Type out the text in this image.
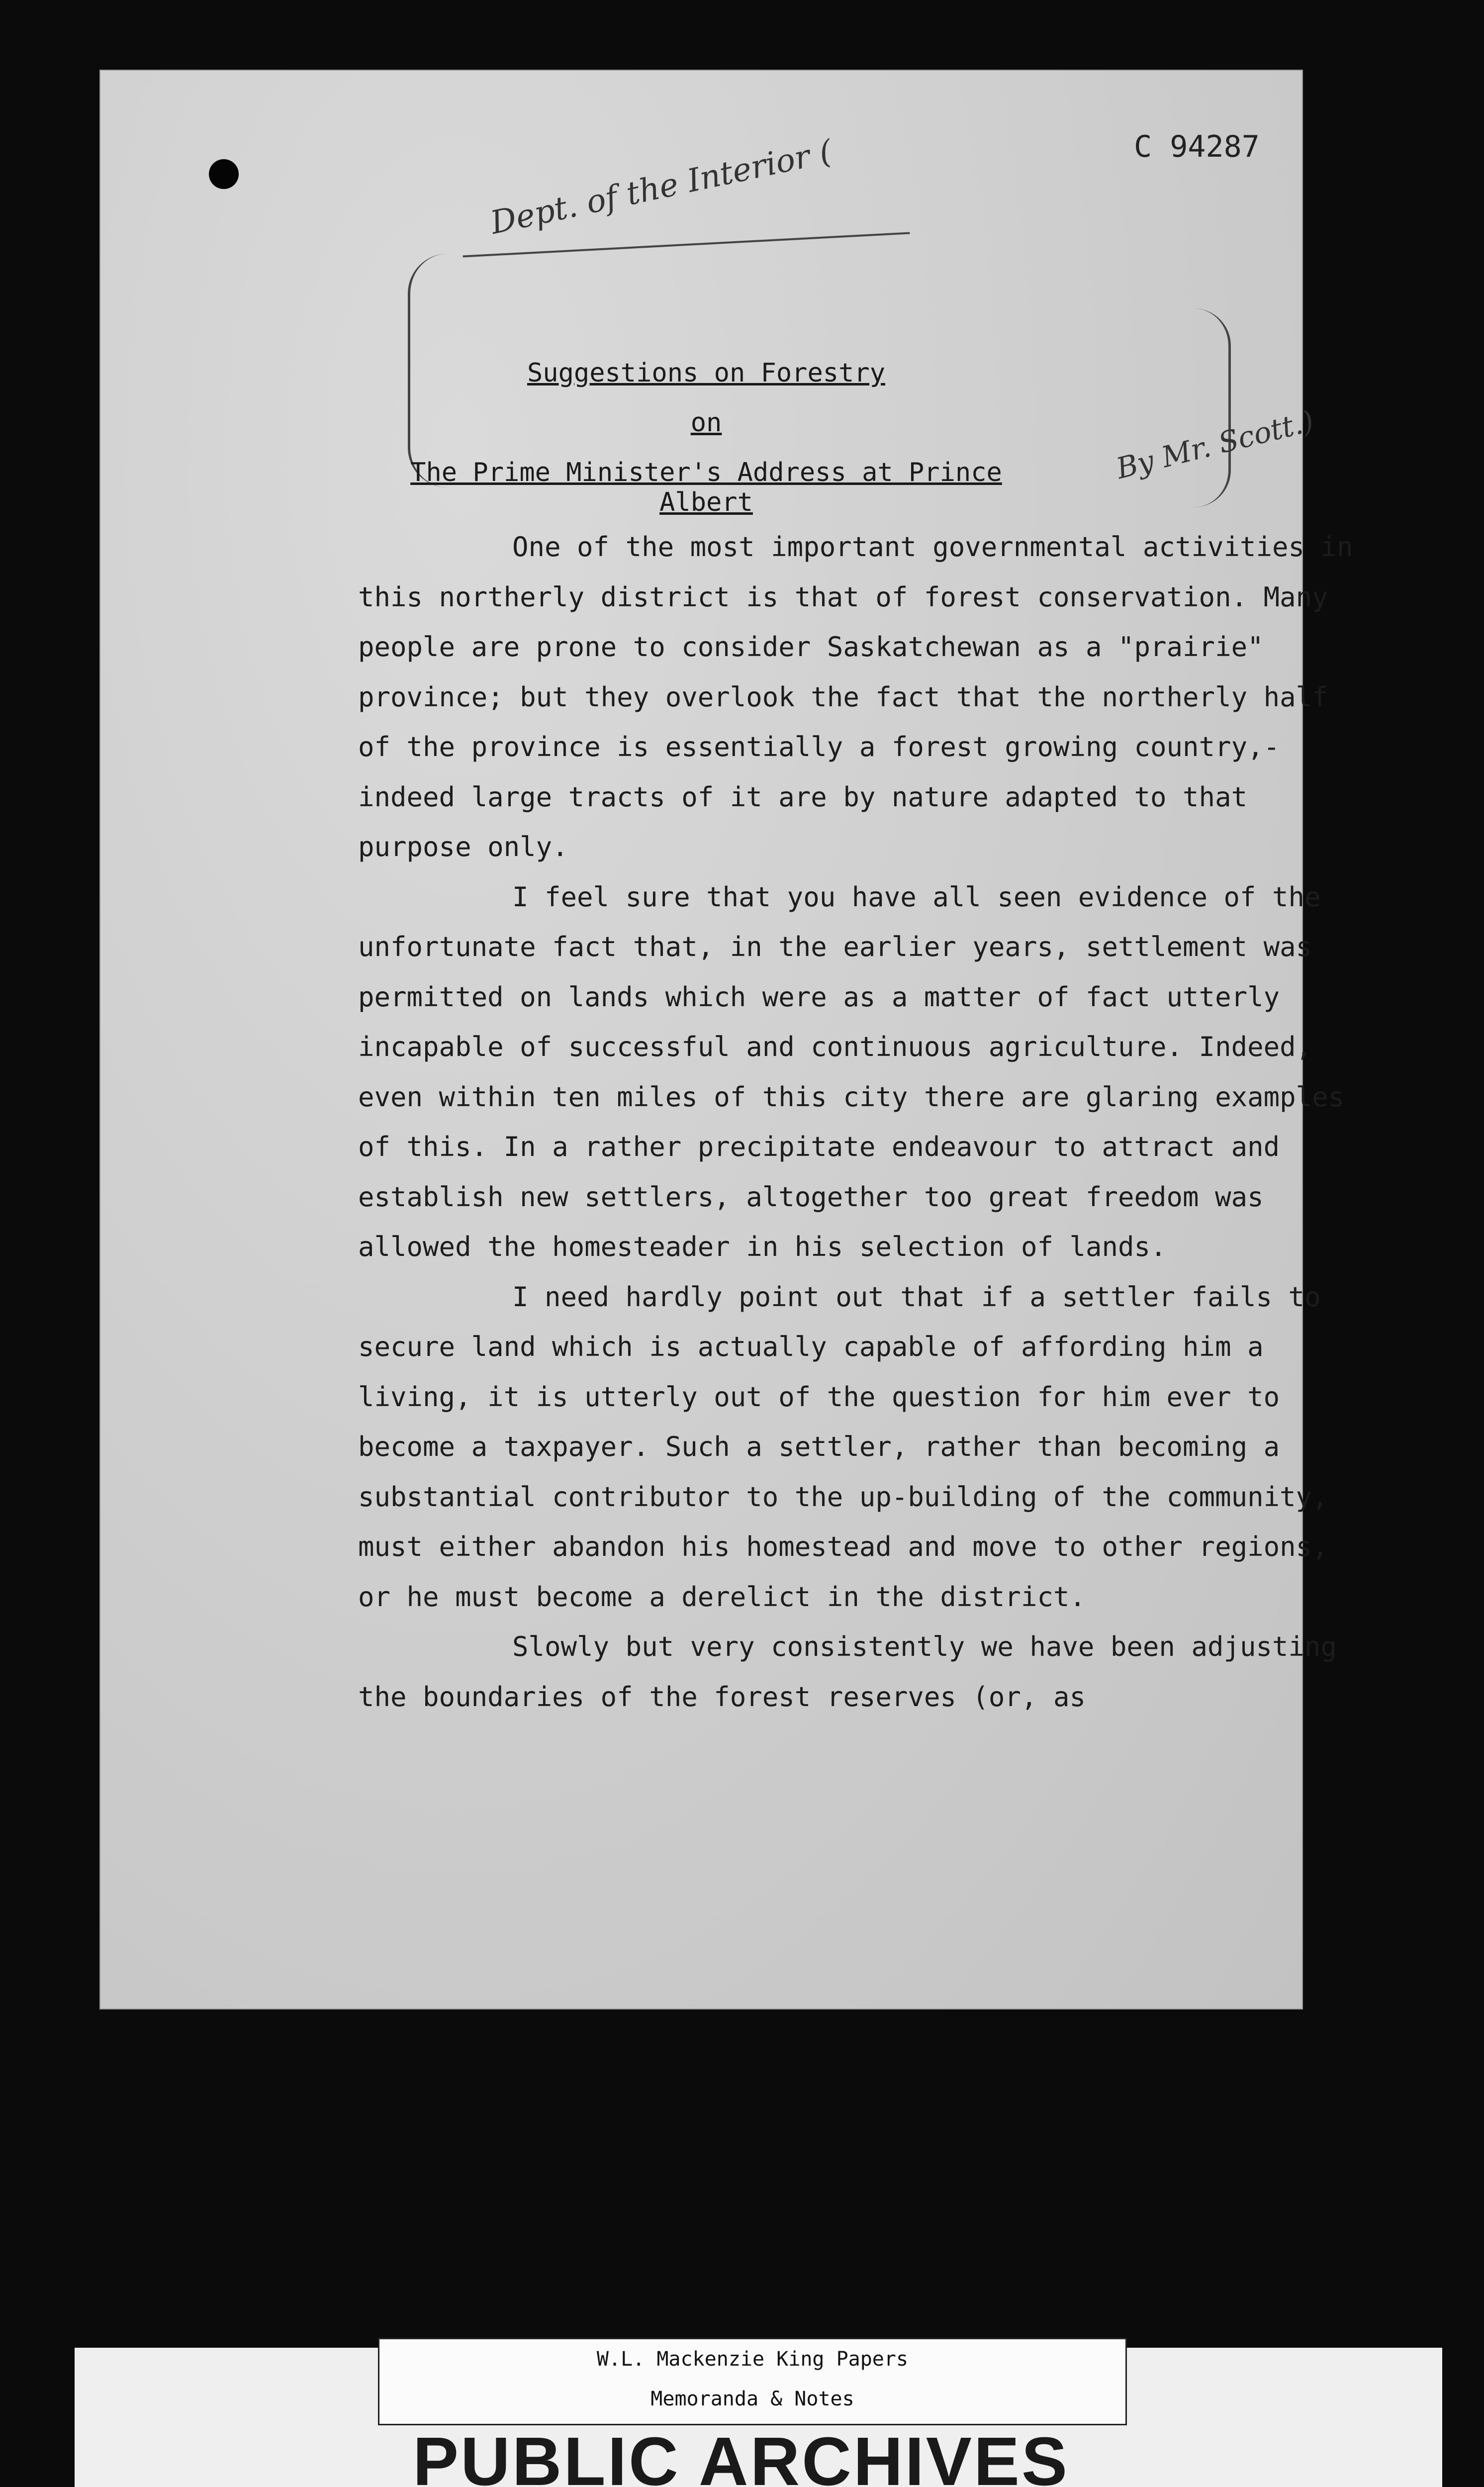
C 94287
Dept. of the Interior (
By Mr. Scott.)
Suggestions on Forestry
on
The Prime Minister's Address at Prince Albert

One of the most important governmental activities in this northerly district is that of forest conservation. Many people are prone to consider Saskatchewan as a "prairie" province; but they overlook the fact that the northerly half of the province is essentially a forest growing country,- indeed large tracts of it are by nature adapted to that purpose only.

I feel sure that you have all seen evidence of the unfortunate fact that, in the earlier years, settlement was permitted on lands which were as a matter of fact utterly incapable of successful and continuous agriculture. Indeed, even within ten miles of this city there are glaring examples of this. In a rather precipitate endeavour to attract and establish new settlers, altogether too great freedom was allowed the homesteader in his selection of lands.

I need hardly point out that if a settler fails to secure land which is actually capable of affording him a living, it is utterly out of the question for him ever to become a taxpayer. Such a settler, rather than becoming a substantial contributor to the up-building of the community, must either abandon his homestead and move to other regions, or he must become a derelict in the district.

Slowly but very consistently we have been adjusting the boundaries of the forest reserves (or, as

W.L. Mackenzie King Papers
Memoranda & Notes
PUBLIC ARCHIVES
